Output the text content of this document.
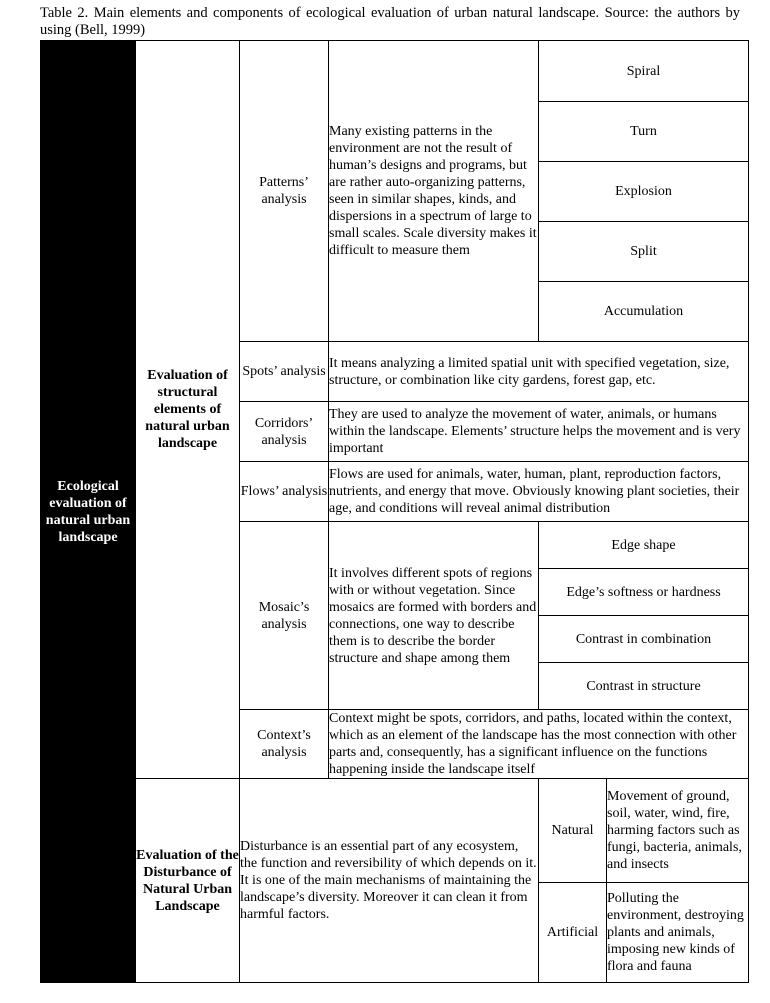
Table 2. Main elements and components of ecological evaluation of urban natural landscape. Source: the authors by using (Bell, 1999)
Ecological evaluation of natural urban landscape	Evaluation of structural elements of natural urban landscape	Patterns’ analysis	Many existing patterns in the environment are not the result of human’s designs and programs, but are rather auto-organizing patterns, seen in similar shapes, kinds, and dispersions in a spectrum of large to small scales. Scale diversity makes it difficult to measure them	Spiral	
				Turn	
				Explosion	
				Split	
				Accumulation	
		Spots’ analysis	It means analyzing a limited spatial unit with specified vegetation, size, structure, or combination like city gardens, forest gap, etc.		
		Corridors’ analysis	They are used to analyze the movement of water, animals, or humans within the landscape. Elements’ structure helps the movement and is very important		
		Flows’ analysis	Flows are used for animals, water, human, plant, reproduction factors, nutrients, and energy that move. Obviously knowing plant societies, their age, and conditions will reveal animal distribution		
		Mosaic’s analysis	It involves different spots of regions with or without vegetation. Since mosaics are formed with borders and connections, one way to describe them is to describe the border structure and shape among them	Edge shape	
				Edge’s softness or hardness	
				Contrast in combination	
				Contrast in structure	
		Context’s analysis	Context might be spots, corridors, and paths, located within the context, which as an element of the landscape has the most connection with other parts and, consequently, has a significant influence on the functions happening inside the landscape itself		
	Evaluation of the Disturbance of Natural Urban Landscape	Disturbance is an essential part of any ecosystem, the function and reversibility of which depends on it. It is one of the main mechanisms of maintaining the landscape’s diversity. Moreover it can clean it from harmful factors.		Natural	Movement of ground, soil, water, wind, fire, harming factors such as fungi, bacteria, animals, and insects
				Artificial	Polluting the environment, destroying plants and animals, imposing new kinds of flora and fauna
